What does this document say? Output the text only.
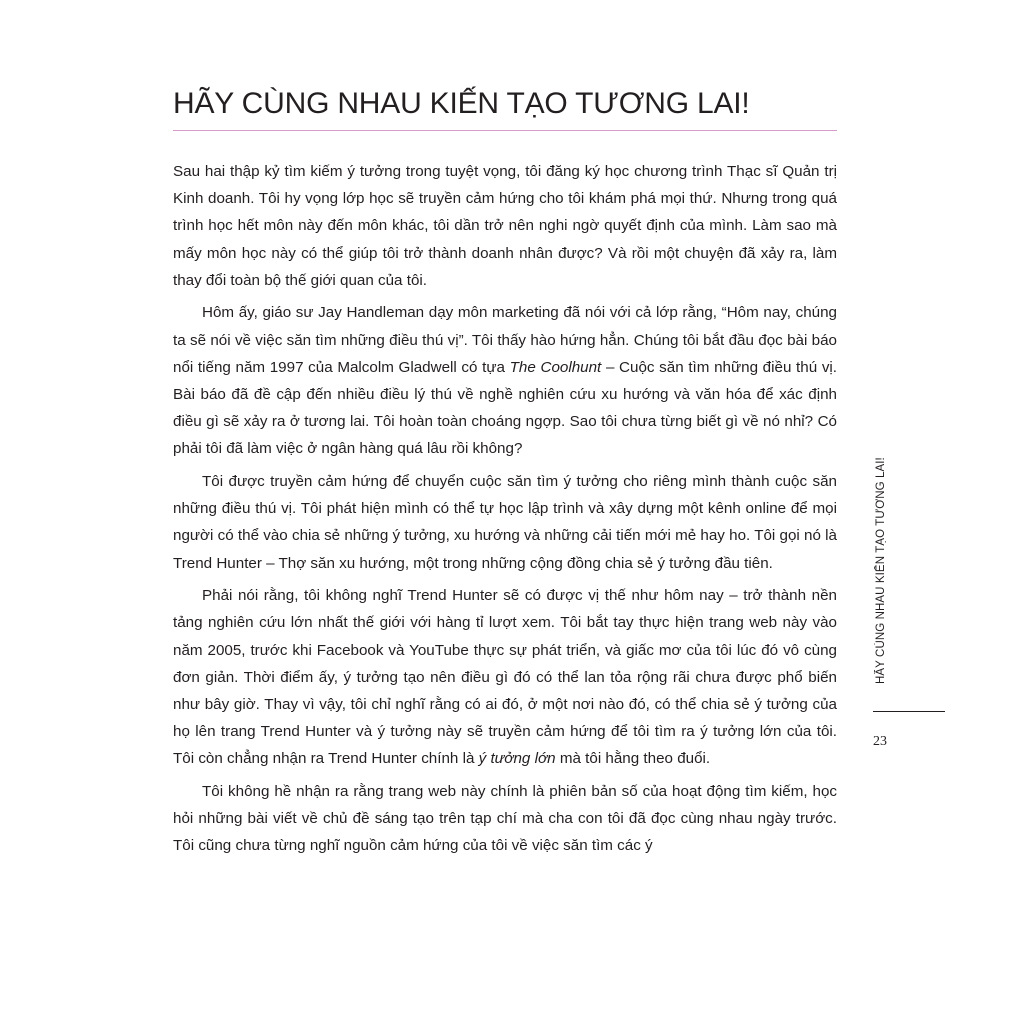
HÃY CÙNG NHAU KIẾN TẠO TƯƠNG LAI!

Sau hai thập kỷ tìm kiếm ý tưởng trong tuyệt vọng, tôi đăng ký học chương trình Thạc sĩ Quản trị Kinh doanh. Tôi hy vọng lớp học sẽ truyền cảm hứng cho tôi khám phá mọi thứ. Nhưng trong quá trình học hết môn này đến môn khác, tôi dần trở nên nghi ngờ quyết định của mình. Làm sao mà mấy môn học này có thể giúp tôi trở thành doanh nhân được? Và rồi một chuyện đã xảy ra, làm thay đổi toàn bộ thế giới quan của tôi.

Hôm ấy, giáo sư Jay Handleman dạy môn marketing đã nói với cả lớp rằng, “Hôm nay, chúng ta sẽ nói về việc săn tìm những điều thú vị”. Tôi thấy hào hứng hẳn. Chúng tôi bắt đầu đọc bài báo nổi tiếng năm 1997 của Malcolm Gladwell có tựa The Coolhunt – Cuộc săn tìm những điều thú vị. Bài báo đã đề cập đến nhiều điều lý thú về nghề nghiên cứu xu hướng và văn hóa để xác định điều gì sẽ xảy ra ở tương lai. Tôi hoàn toàn choáng ngợp. Sao tôi chưa từng biết gì về nó nhỉ? Có phải tôi đã làm việc ở ngân hàng quá lâu rồi không?

Tôi được truyền cảm hứng để chuyển cuộc săn tìm ý tưởng cho riêng mình thành cuộc săn những điều thú vị. Tôi phát hiện mình có thể tự học lập trình và xây dựng một kênh online để mọi người có thể vào chia sẻ những ý tưởng, xu hướng và những cải tiến mới mẻ hay ho. Tôi gọi nó là Trend Hunter – Thợ săn xu hướng, một trong những cộng đồng chia sẻ ý tưởng đầu tiên.

Phải nói rằng, tôi không nghĩ Trend Hunter sẽ có được vị thế như hôm nay – trở thành nền tảng nghiên cứu lớn nhất thế giới với hàng tỉ lượt xem. Tôi bắt tay thực hiện trang web này vào năm 2005, trước khi Facebook và YouTube thực sự phát triển, và giấc mơ của tôi lúc đó vô cùng đơn giản. Thời điểm ấy, ý tưởng tạo nên điều gì đó có thể lan tỏa rộng rãi chưa được phổ biến như bây giờ. Thay vì vậy, tôi chỉ nghĩ rằng có ai đó, ở một nơi nào đó, có thể chia sẻ ý tưởng của họ lên trang Trend Hunter và ý tưởng này sẽ truyền cảm hứng để tôi tìm ra ý tưởng lớn của tôi. Tôi còn chẳng nhận ra Trend Hunter chính là ý tưởng lớn mà tôi hằng theo đuổi.

Tôi không hề nhận ra rằng trang web này chính là phiên bản số của hoạt động tìm kiếm, học hỏi những bài viết về chủ đề sáng tạo trên tạp chí mà cha con tôi đã đọc cùng nhau ngày trước. Tôi cũng chưa từng nghĩ nguồn cảm hứng của tôi về việc săn tìm các ý

HÃY CÙNG NHAU KIẾN TẠO TƯƠNG LAI!
23
